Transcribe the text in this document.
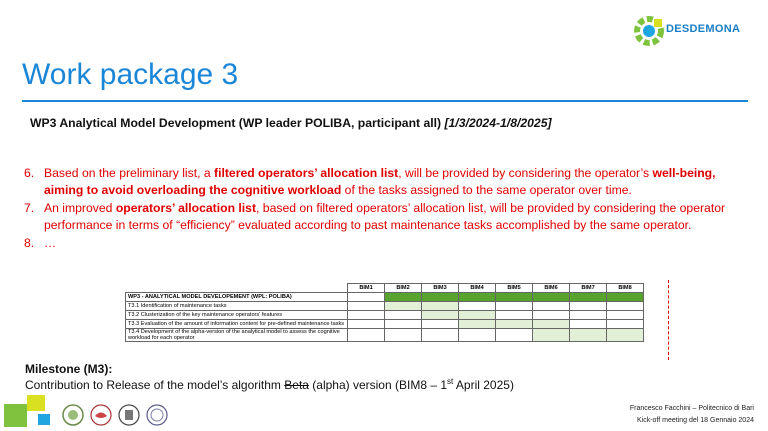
DESDEMONA
Work package 3
WP3 Analytical Model Development (WP leader POLIBA, participant all) [1/3/2024-1/8/2025]
6. Based on the preliminary list, a filtered operators’ allocation list, will be provided by considering the operator’s well-being, aiming to avoid overloading the cognitive workload of the tasks assigned to the same operator over time.
7. An improved operators’ allocation list, based on filtered operators’ allocation list, will be provided by considering the operator performance in terms of “efficiency” evaluated according to past maintenance tasks accomplished by the same operator.
8. …
	BIM1	BIM2	BIM3	BIM4	BIM5	BIM6	BIM7	BIM8
WP3 - ANALYTICAL MODEL DEVELOPEMENT (WPL: POLIBA)								
T3.1 Identification of maintenance tasks								
T3.2 Clusterization of the key maintenance operators' features								
T3.3 Evaluation of the amount of information content for pre-defined maintenance tasks								
T3.4 Development of the alpha-version of the analytical model to assess the cognitive workload for each operator								
Milestone (M3):
Contribution to Release of the model’s algorithm Beta (alpha) version (BIM8 – 1st April 2025)
Francesco Facchini – Politecnico di Bari
Kick-off meeting del 18 Gennaio 2024
